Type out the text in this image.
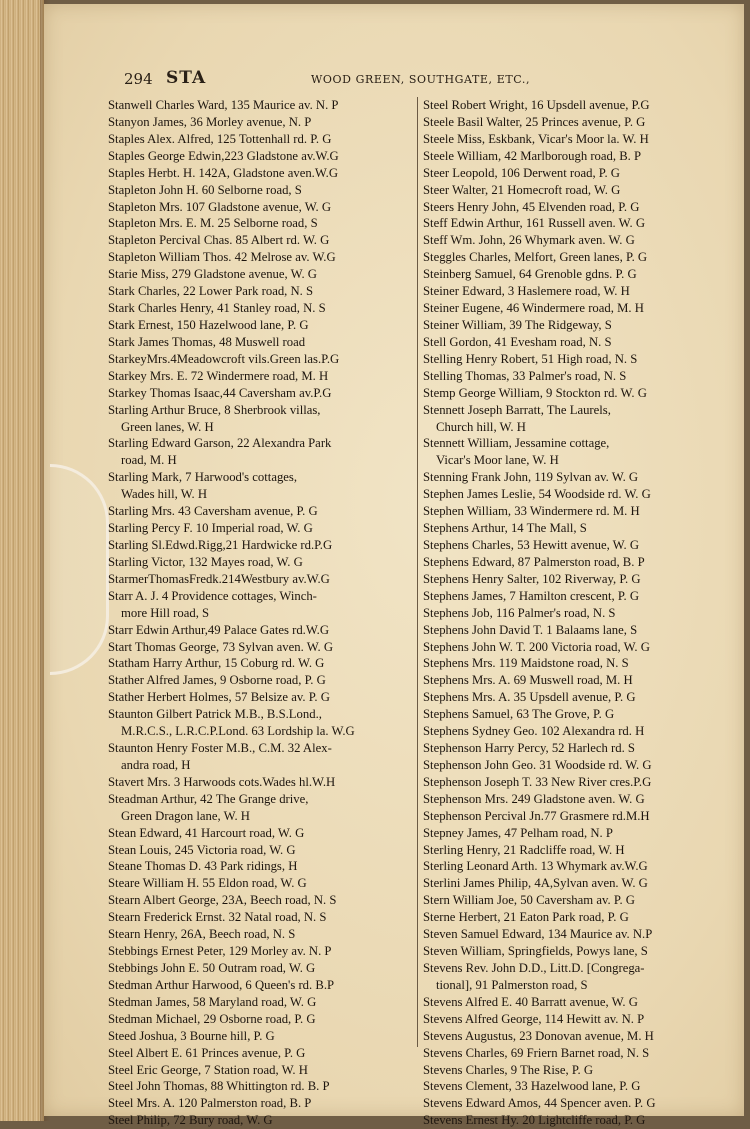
294 STA	WOOD GREEN, SOUTHGATE, ETC.,
Stanwell Charles Ward, 135 Maurice av. N. P
Stanyon James, 36 Morley avenue, N. P
Staples Alex. Alfred, 125 Tottenhall rd. P. G
Staples George Edwin,223 Gladstone av.W.G
Staples Herbt. H. 142A, Gladstone aven.W.G
Stapleton John H. 60 Selborne road, S
Stapleton Mrs. 107 Gladstone avenue, W. G
Stapleton Mrs. E. M. 25 Selborne road, S
Stapleton Percival Chas. 85 Albert rd. W. G
Stapleton William Thos. 42 Melrose av. W.G
Starie Miss, 279 Gladstone avenue, W. G
Stark Charles, 22 Lower Park road, N. S
Stark Charles Henry, 41 Stanley road, N. S
Stark Ernest, 150 Hazelwood lane, P. G
Stark James Thomas, 48 Muswell road
StarkeyMrs.4Meadowcroft vils.Green las.P.G
Starkey Mrs. E. 72 Windermere road, M. H
Starkey Thomas Isaac,44 Caversham av.P.G
Starling Arthur Bruce, 8 Sherbrook villas,
Green lanes, W. H
Starling Edward Garson, 22 Alexandra Park
road, M. H
Starling Mark, 7 Harwood's cottages,
Wades hill, W. H
Starling Mrs. 43 Caversham avenue, P. G
Starling Percy F. 10 Imperial road, W. G
Starling Sl.Edwd.Rigg,21 Hardwicke rd.P.G
Starling Victor, 132 Mayes road, W. G
StarmerThomasFredk.214Westbury av.W.G
Starr A. J. 4 Providence cottages, Winch-
more Hill road, S
Starr Edwin Arthur,49 Palace Gates rd.W.G
Start Thomas George, 73 Sylvan aven. W. G
Statham Harry Arthur, 15 Coburg rd. W. G
Stather Alfred James, 9 Osborne road, P. G
Stather Herbert Holmes, 57 Belsize av. P. G
Staunton Gilbert Patrick M.B., B.S.Lond.,
M.R.C.S., L.R.C.P.Lond. 63 Lordship la. W.G
Staunton Henry Foster M.B., C.M. 32 Alex-
andra road, H
Stavert Mrs. 3 Harwoods cots.Wades hl.W.H
Steadman Arthur, 42 The Grange drive,
Green Dragon lane, W. H
Stean Edward, 41 Harcourt road, W. G
Stean Louis, 245 Victoria road, W. G
Steane Thomas D. 43 Park ridings, H
Steare William H. 55 Eldon road, W. G
Stearn Albert George, 23A, Beech road, N. S
Stearn Frederick Ernst. 32 Natal road, N. S
Stearn Henry, 26A, Beech road, N. S
Stebbings Ernest Peter, 129 Morley av. N. P
Stebbings John E. 50 Outram road, W. G
Stedman Arthur Harwood, 6 Queen's rd. B.P
Stedman James, 58 Maryland road, W. G
Stedman Michael, 29 Osborne road, P. G
Steed Joshua, 3 Bourne hill, P. G
Steel Albert E. 61 Princes avenue, P. G
Steel Eric George, 7 Station road, W. H
Steel John Thomas, 88 Whittington rd. B. P
Steel Mrs. A. 120 Palmerston road, B. P
Steel Philip, 72 Bury road, W. G
Steel Robert Wright, 16 Upsdell avenue, P.G
Steele Basil Walter, 25 Princes avenue, P. G
Steele Miss, Eskbank, Vicar's Moor la. W. H
Steele William, 42 Marlborough road, B. P
Steer Leopold, 106 Derwent road, P. G
Steer Walter, 21 Homecroft road, W. G
Steers Henry John, 45 Elvenden road, P. G
Steff Edwin Arthur, 161 Russell aven. W. G
Steff Wm. John, 26 Whymark aven. W. G
Steggles Charles, Melfort, Green lanes, P. G
Steinberg Samuel, 64 Grenoble gdns. P. G
Steiner Edward, 3 Haslemere road, W. H
Steiner Eugene, 46 Windermere road, M. H
Steiner William, 39 The Ridgeway, S
Stell Gordon, 41 Evesham road, N. S
Stelling Henry Robert, 51 High road, N. S
Stelling Thomas, 33 Palmer's road, N. S
Stemp George William, 9 Stockton rd. W. G
Stennett Joseph Barratt, The Laurels,
Church hill, W. H
Stennett William, Jessamine cottage,
Vicar's Moor lane, W. H
Stenning Frank John, 119 Sylvan av. W. G
Stephen James Leslie, 54 Woodside rd. W. G
Stephen William, 33 Windermere rd. M. H
Stephens Arthur, 14 The Mall, S
Stephens Charles, 53 Hewitt avenue, W. G
Stephens Edward, 87 Palmerston road, B. P
Stephens Henry Salter, 102 Riverway, P. G
Stephens James, 7 Hamilton crescent, P. G
Stephens Job, 116 Palmer's road, N. S
Stephens John David T. 1 Balaams lane, S
Stephens John W. T. 200 Victoria road, W. G
Stephens Mrs. 119 Maidstone road, N. S
Stephens Mrs. A. 69 Muswell road, M. H
Stephens Mrs. A. 35 Upsdell avenue, P. G
Stephens Samuel, 63 The Grove, P. G
Stephens Sydney Geo. 102 Alexandra rd. H
Stephenson Harry Percy, 52 Harlech rd. S
Stephenson John Geo. 31 Woodside rd. W. G
Stephenson Joseph T. 33 New River cres.P.G
Stephenson Mrs. 249 Gladstone aven. W. G
Stephenson Percival Jn.77 Grasmere rd.M.H
Stepney James, 47 Pelham road, N. P
Sterling Henry, 21 Radcliffe road, W. H
Sterling Leonard Arth. 13 Whymark av.W.G
Sterlini James Philip, 4A,Sylvan aven. W. G
Stern William Joe, 50 Caversham av. P. G
Sterne Herbert, 21 Eaton Park road, P. G
Steven Samuel Edward, 134 Maurice av. N.P
Steven William, Springfields, Powys lane, S
Stevens Rev. John D.D., Litt.D. [Congrega-
tional], 91 Palmerston road, S
Stevens Alfred E. 40 Barratt avenue, W. G
Stevens Alfred George, 114 Hewitt av. N. P
Stevens Augustus, 23 Donovan avenue, M. H
Stevens Charles, 69 Friern Barnet road, N. S
Stevens Charles, 9 The Rise, P. G
Stevens Clement, 33 Hazelwood lane, P. G
Stevens Edward Amos, 44 Spencer aven. P. G
Stevens Ernest Hy. 20 Lightcliffe road, P. G
